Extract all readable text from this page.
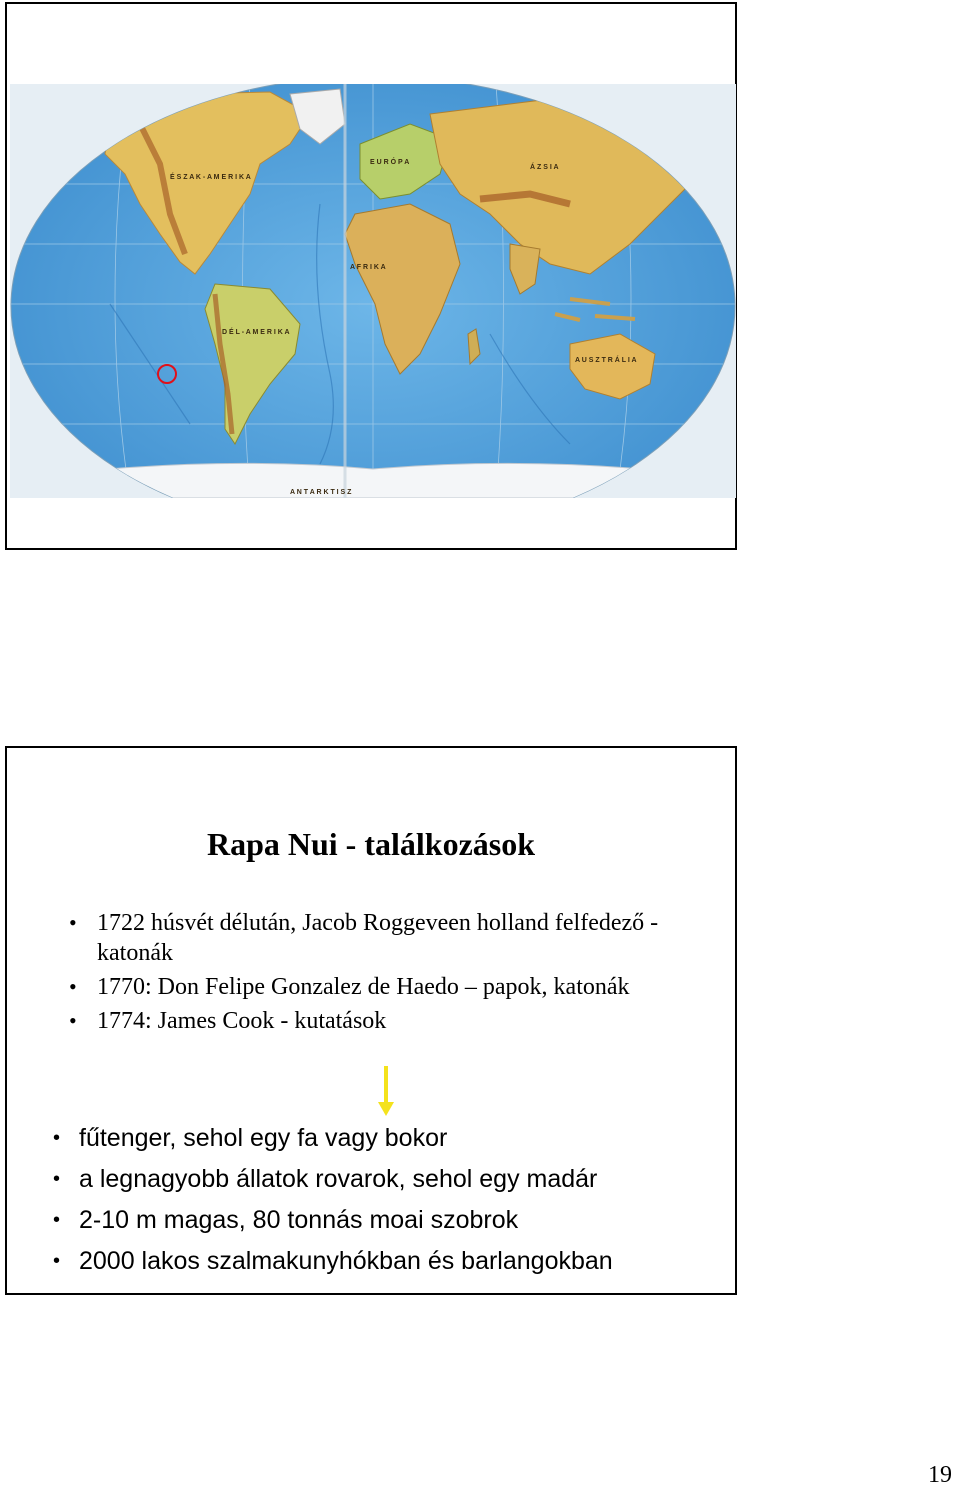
É S Z A K - A M E R I K A
E U R Ó P A
Á Z S I A
A F R I K A
D É L - A M E R I K A
A U S Z T R Á L I A
A N T A R K T I S Z
Rapa Nui - találkozások
• 1722 húsvét délután, Jacob Roggeveen holland felfedező - katonák
• 1770: Don Felipe Gonzalez de Haedo – papok, katonák
• 1774: James Cook - kutatások
• fűtenger, sehol egy fa vagy bokor
• a legnagyobb állatok rovarok, sehol egy madár
• 2-10 m magas, 80 tonnás moai szobrok
• 2000 lakos szalmakunyhókban és barlangokban
19
